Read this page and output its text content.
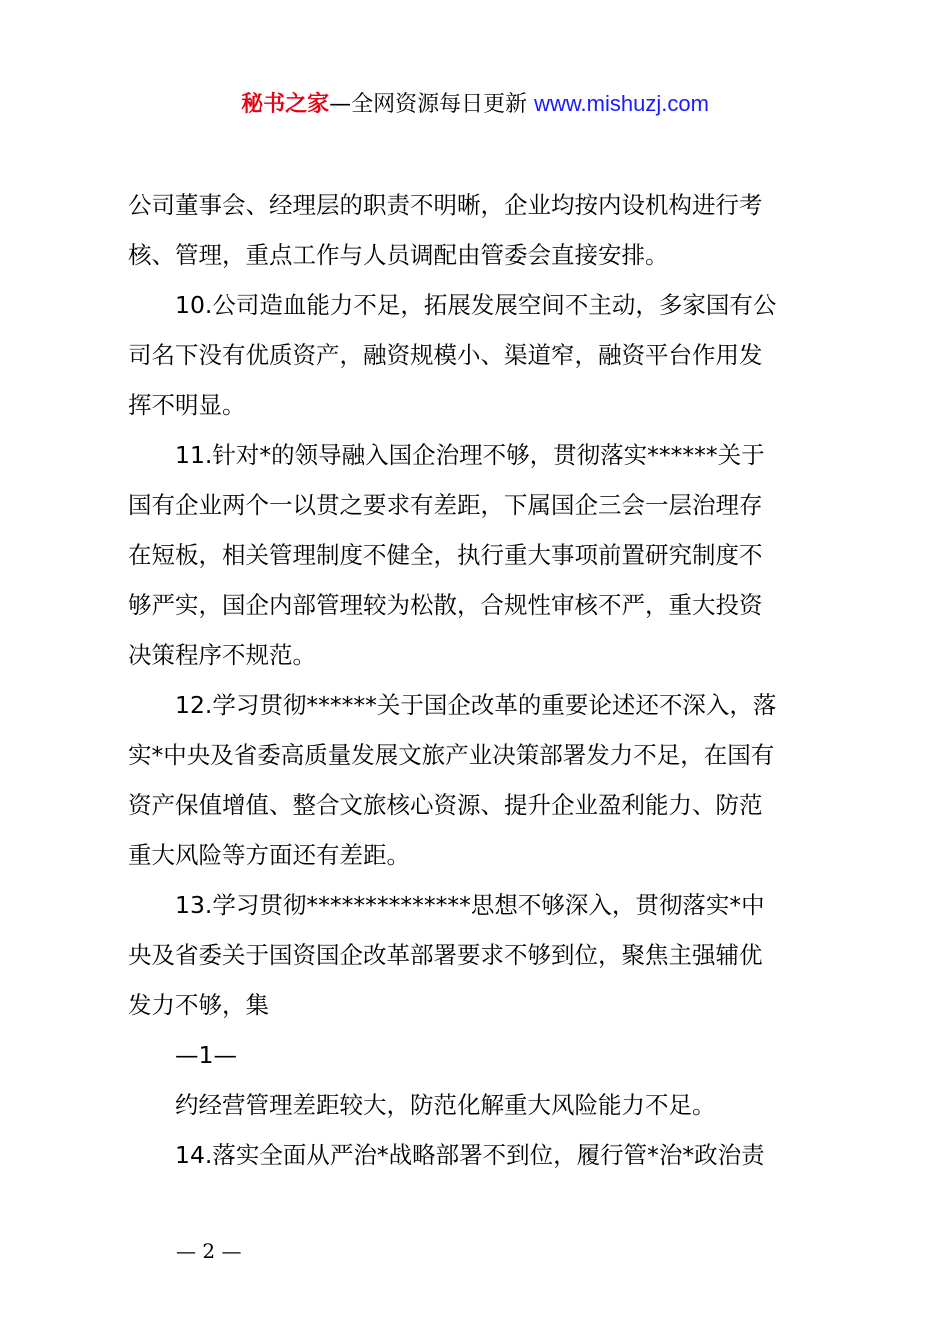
秘书之家—全网资源每日更新 www.mishuzj.com

公司董事会、经理层的职责不明晰，企业均按内设机构进行考
核、管理，重点工作与人员调配由管委会直接安排。

10.公司造血能力不足，拓展发展空间不主动，多家国有公
司名下没有优质资产，融资规模小、渠道窄，融资平台作用发
挥不明显。

11.针对*的领导融入国企治理不够，贯彻落实******关于
国有企业两个一以贯之要求有差距，下属国企三会一层治理存
在短板，相关管理制度不健全，执行重大事项前置研究制度不
够严实，国企内部管理较为松散，合规性审核不严，重大投资
决策程序不规范。

12.学习贯彻******关于国企改革的重要论述还不深入，落
实*中央及省委高质量发展文旅产业决策部署发力不足，在国有
资产保值增值、整合文旅核心资源、提升企业盈利能力、防范
重大风险等方面还有差距。

13.学习贯彻**************思想不够深入，贯彻落实*中
央及省委关于国资国企改革部署要求不够到位，聚焦主强辅优
发力不够，集

—1—

约经营管理差距较大，防范化解重大风险能力不足。

14.落实全面从严治*战略部署不到位，履行管*治*政治责

— 2 —
